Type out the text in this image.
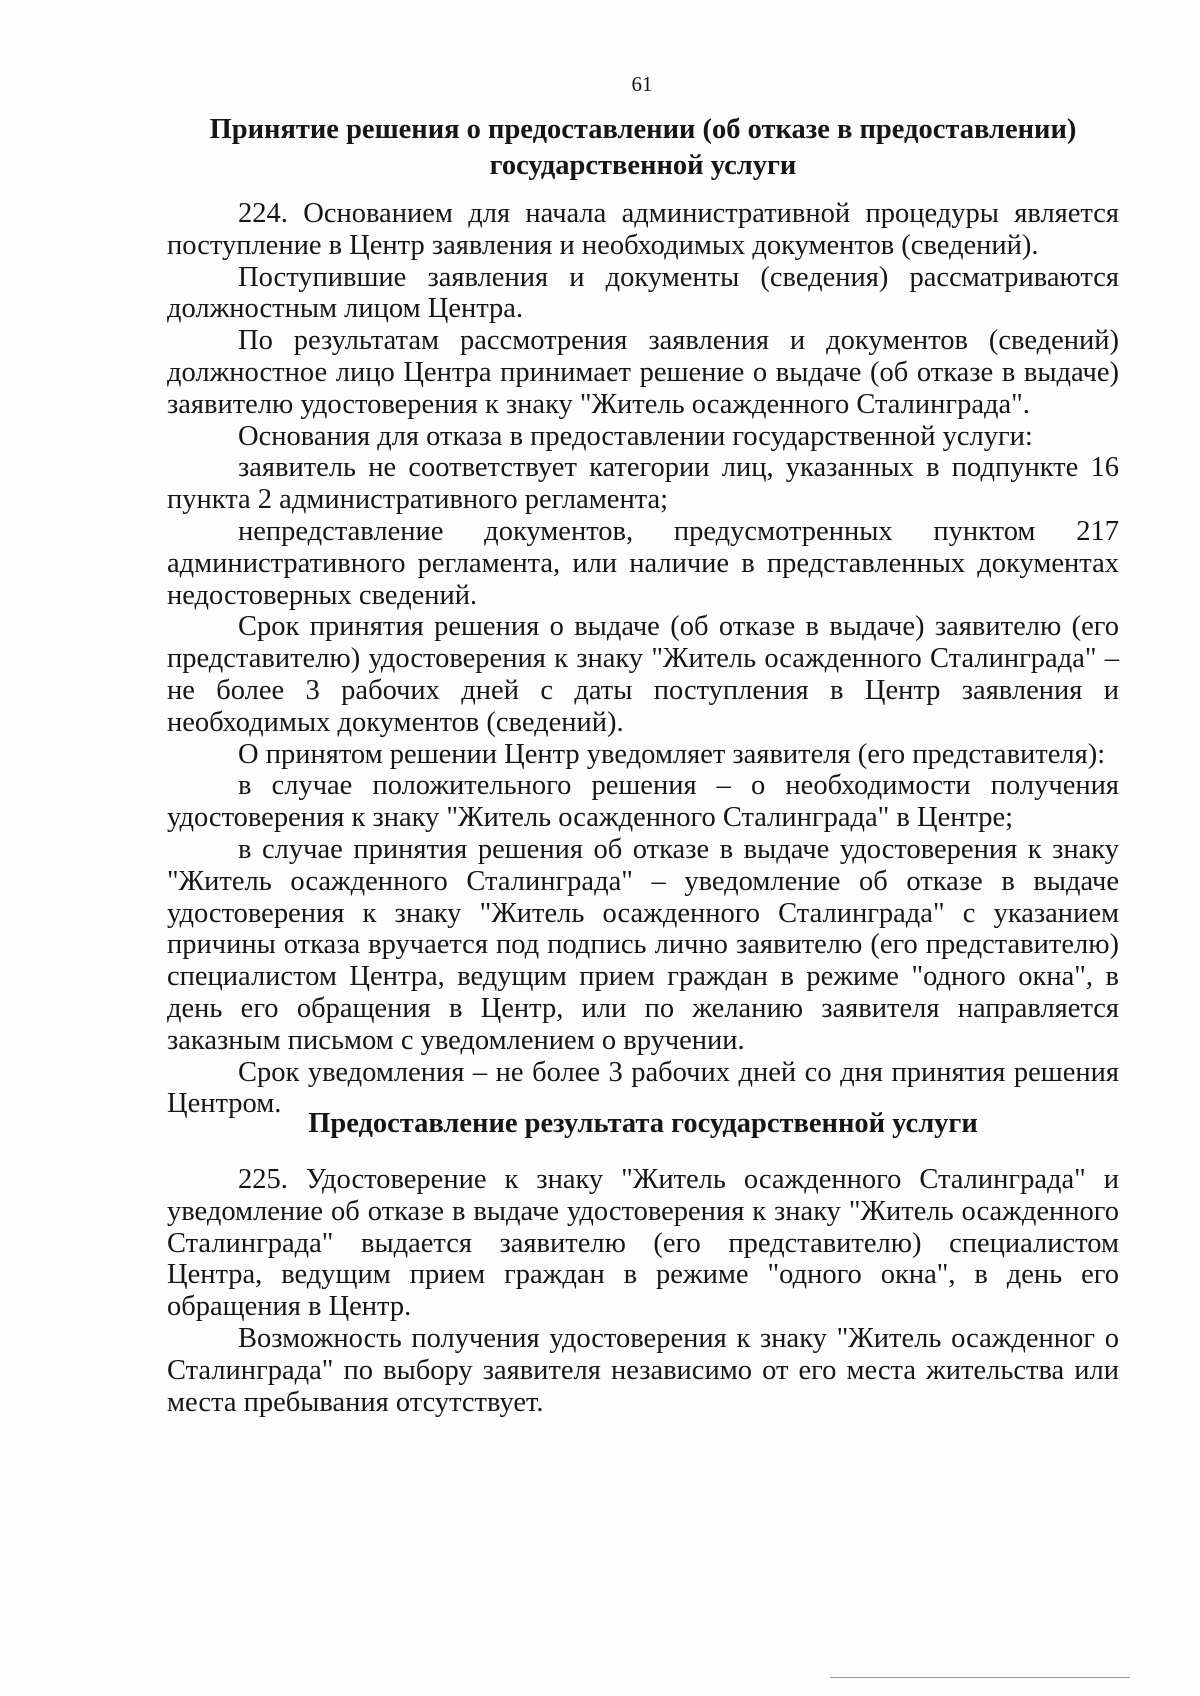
61
Принятие решения о предоставлении (об отказе в предоставлении)
государственной услуги

224. Основанием для начала административной процедуры является поступление в Центр заявления и необходимых документов (сведений).

Поступившие заявления и документы (сведения) рассматриваются должностным лицом Центра.

По результатам рассмотрения заявления и документов (сведений) должностное лицо Центра принимает решение о выдаче (об отказе в выдаче) заявителю удостоверения к знаку "Житель осажденного Сталинграда".

Основания для отказа в предоставлении государственной услуги:

заявитель не соответствует категории лиц, указанных в подпункте 16 пункта 2 административного регламента;

непредставление документов, предусмотренных пунктом 217 административного регламента, или наличие в представленных документах недостоверных сведений.

Срок принятия решения о выдаче (об отказе в выдаче) заявителю (его представителю) удостоверения к знаку "Житель осажденного Сталинграда" – не более 3 рабочих дней с даты поступления в Центр заявления и необходимых документов (сведений).

О принятом решении Центр уведомляет заявителя (его представителя):

в случае положительного решения – о необходимости получения удостоверения к знаку "Житель осажденного Сталинграда" в Центре;

в случае принятия решения об отказе в выдаче удостоверения к знаку "Житель осажденного Сталинграда" – уведомление об отказе в выдаче удостоверения к знаку "Житель осажденного Сталинграда" с указанием причины отказа вручается под подпись лично заявителю (его представителю) специалистом Центра, ведущим прием граждан в режиме "одного окна", в день его обращения в Центр, или по желанию заявителя направляется заказным письмом с уведомлением о вручении.

Срок уведомления – не более 3 рабочих дней со дня принятия решения Центром.

Предоставление результата государственной услуги

225. Удостоверение к знаку "Житель осажденного Сталинграда" и уведомление об отказе в выдаче удостоверения к знаку "Житель осажденного Сталинграда" выдается заявителю (его представителю) специалистом Центра, ведущим прием граждан в режиме "одного окна", в день его обращения в Центр.

Возможность получения удостоверения к знаку "Житель осажденног о Сталинграда" по выбору заявителя независимо от его места жительства или места пребывания отсутствует.
